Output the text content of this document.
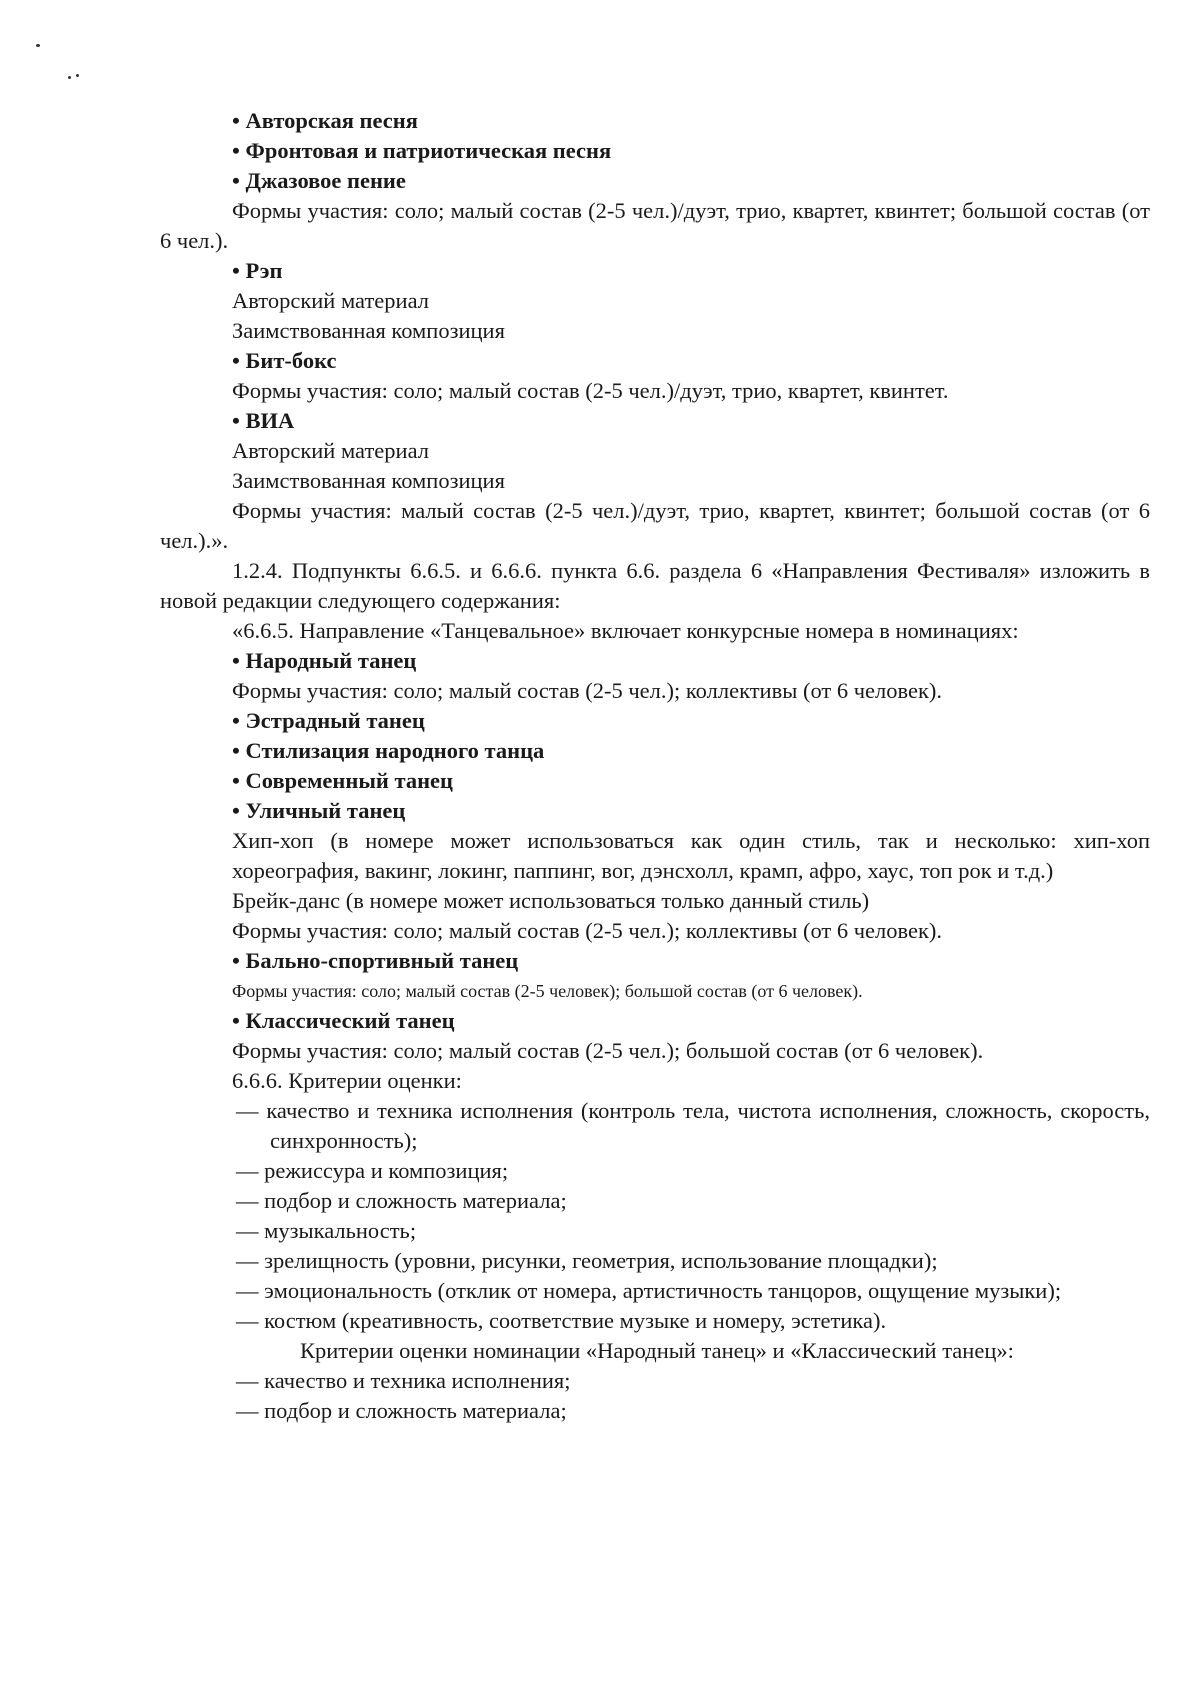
• Авторская песня
• Фронтовая и патриотическая песня
• Джазовое пение
Формы участия: соло; малый состав (2-5 чел.)/дуэт, трио, квартет, квинтет; большой состав (от 6 чел.).
• Рэп
Авторский материал
Заимствованная композиция
• Бит-бокс
Формы участия: соло; малый состав (2-5 чел.)/дуэт, трио, квартет, квинтет.
• ВИА
Авторский материал
Заимствованная композиция
Формы участия: малый состав (2-5 чел.)/дуэт, трио, квартет, квинтет; большой состав (от 6 чел.).».
1.2.4. Подпункты 6.6.5. и 6.6.6. пункта 6.6. раздела 6 «Направления Фестиваля» изложить в новой редакции следующего содержания:
«6.6.5. Направление «Танцевальное» включает конкурсные номера в номинациях:
• Народный танец
Формы участия: соло; малый состав (2-5 чел.); коллективы (от 6 человек).
• Эстрадный танец
• Стилизация народного танца
• Современный танец
• Уличный танец
Хип-хоп (в номере может использоваться как один стиль, так и несколько: хип-хоп хореография, вакинг, локинг, паппинг, вог, дэнсхолл, крамп, афро, хаус, топ рок и т.д.)
Брейк-данс (в номере может использоваться только данный стиль)
Формы участия: соло; малый состав (2-5 чел.); коллективы (от 6 человек).
• Бально-спортивный танец
Формы участия: соло; малый состав (2-5 человек); большой состав (от 6 человек).
• Классический танец
Формы участия: соло; малый состав (2-5 чел.); большой состав (от 6 человек).
6.6.6. Критерии оценки:
— качество и техника исполнения (контроль тела, чистота исполнения, сложность, скорость, синхронность);
— режиссура и композиция;
— подбор и сложность материала;
— музыкальность;
— зрелищность (уровни, рисунки, геометрия, использование площадки);
— эмоциональность (отклик от номера, артистичность танцоров, ощущение музыки);
— костюм (креативность, соответствие музыке и номеру, эстетика).
Критерии оценки номинации «Народный танец» и «Классический танец»:
— качество и техника исполнения;
— подбор и сложность материала;
